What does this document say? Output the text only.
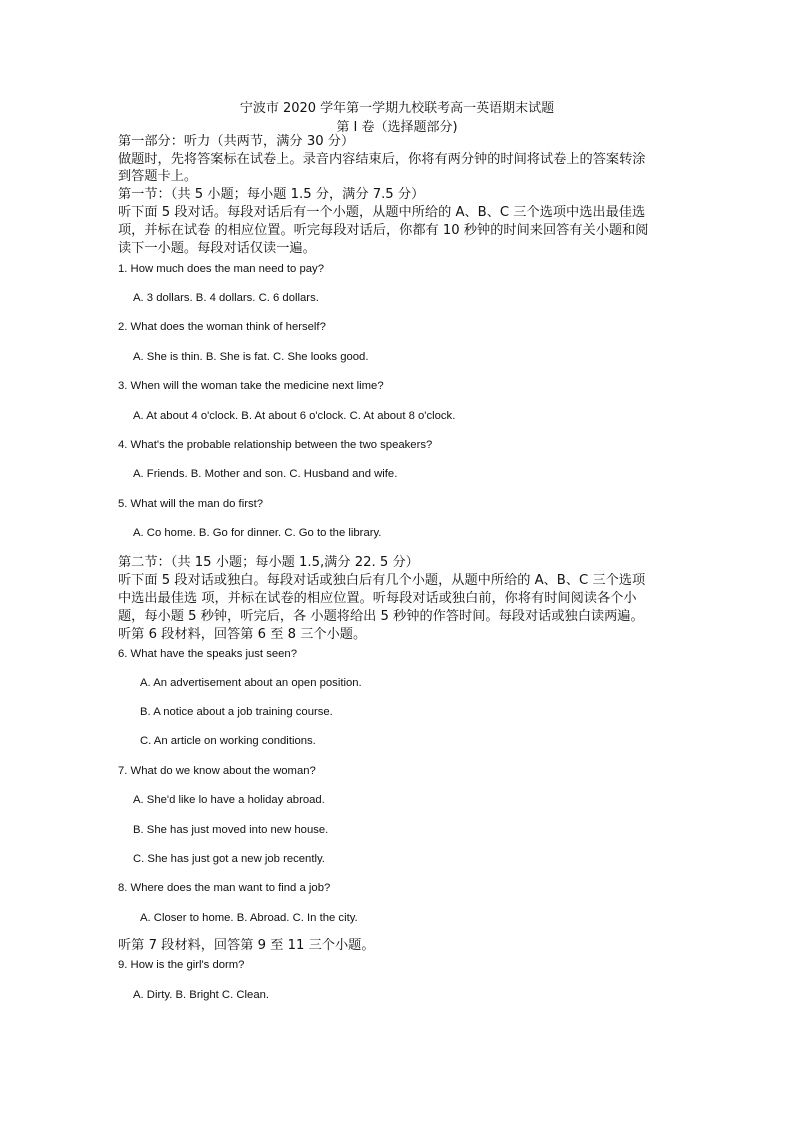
宁波市 2020 学年第一学期九校联考高一英语期末试题
第 I 卷（选择题部分)
第一部分：听力（共两节，满分 30 分）
做题时，先将答案标在试卷上。录音内容结束后，你将有两分钟的时间将试卷上的答案转涂
到答题卡上。
第一节：（共 5 小题；每小题 1.5 分，满分 7.5 分）
听下面 5 段对话。每段对话后有一个小题，从题中所给的 A、B、C 三个选项中选出最佳选
项，并标在试卷 的相应位置。听完每段对话后，你都有 10 秒钟的时间来回答有关小题和阅
读下一小题。每段对话仅读一遍。
1. How much does the man need to pay?
A. 3 dollars. B. 4 dollars. C. 6 dollars.
2. What does the woman think of herself?
A. She is thin. B. She is fat. C. She looks good.
3. When will the woman take the medicine next lime?
A. At about 4 o'clock. B. At about 6 o'clock. C. At about 8 o'clock.
4. What's the probable relationship between the two speakers?
A. Friends. B. Mother and son. C. Husband and wife.
5. What will the man do first?
A. Co home. B. Go for dinner. C. Go to the library.
第二节：（共 15 小题；每小题 1.5,满分 22. 5 分）
听下面 5 段对话或独白。每段对话或独白后有几个小题，从题中所给的 A、B、C 三个选项
中选出最佳选 项，并标在试卷的相应位置。听每段对话或独白前，你将有时间阅读各个小
题，每小题 5 秒钟，听完后，各 小题将给出 5 秒钟的作答时间。每段对话或独白读两遍。
听第 6 段材料，回答第 6 至 8 三个小题。
6. What have the speaks just seen?
A. An advertisement about an open position.
B. A notice about a job training course.
C. An article on working conditions.
7. What do we know about the woman?
A. She'd like lo have a holiday abroad.
B. She has just moved into new house.
C. She has just got a new job recently.
8. Where does the man want to find a job?
A. Closer to home. B. Abroad. C. In the city.
听第 7 段材料，回答第 9 至 11 三个小题。
9. How is the girl's dorm?
A. Dirty. B. Bright C. Clean.
